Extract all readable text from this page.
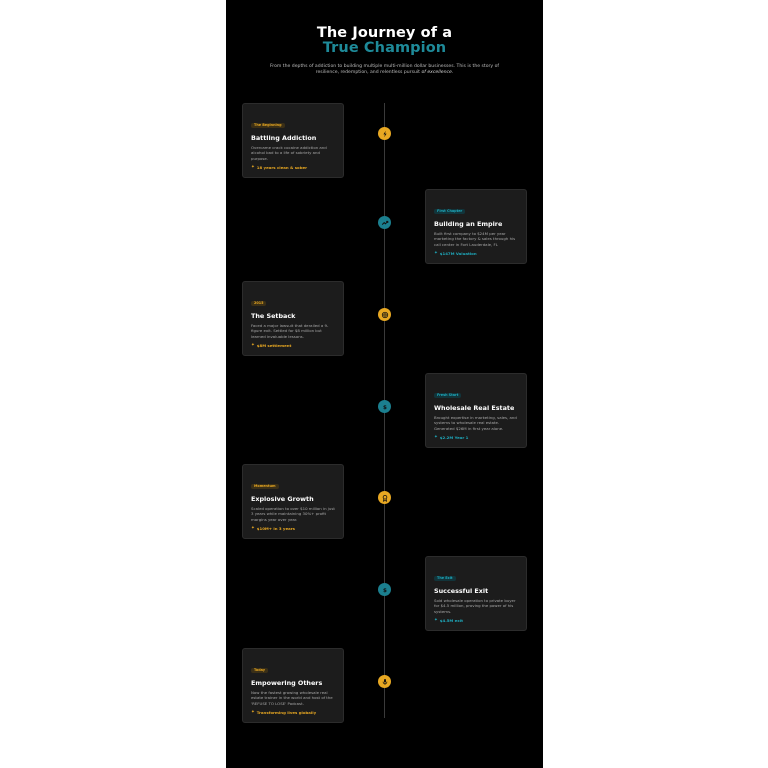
The Journey of a
True Champion

From the depths of addiction to building multiple multi-million dollar businesses. This is the story of resilience, redemption, and relentless pursuit of excellence.

The Beginning
Battling Addiction

Overcame crack cocaine addiction and alcohol bad to a life of sobriety and purpose.

✦ 18 years clean & sober
First Chapter
Building an Empire

Built first company to $24M per year marketing the factory & sales through his call center in Fort Lauderdale, FL

✦ $147M Valuation
2015
The Setback

Faced a major lawsuit that derailed a 9-figure exit. Settled for $8 million but learned invaluable lessons.

✦ $8M settlement
Fresh Start
Wholesale Real Estate

Brought expertise in marketing, sales, and systems to wholesale real estate. Generated $26M in first year alone.

✦ $2.2M Year 1
$
Momentum
Explosive Growth

Scaled operation to over $10 million in just 3 years while maintaining 30%+ profit margins year over year.

✦ $10M+ in 3 years
The Exit
Successful Exit

Sold wholesale operation to private buyer for $4.5 million, proving the power of his systems.

✦ $4.5M exit
$
Today
Empowering Others

Now the fastest growing wholesale real estate trainer in the world and host of the 'REFUSE TO LOSE' Podcast.

✦ Transforming lives globally
